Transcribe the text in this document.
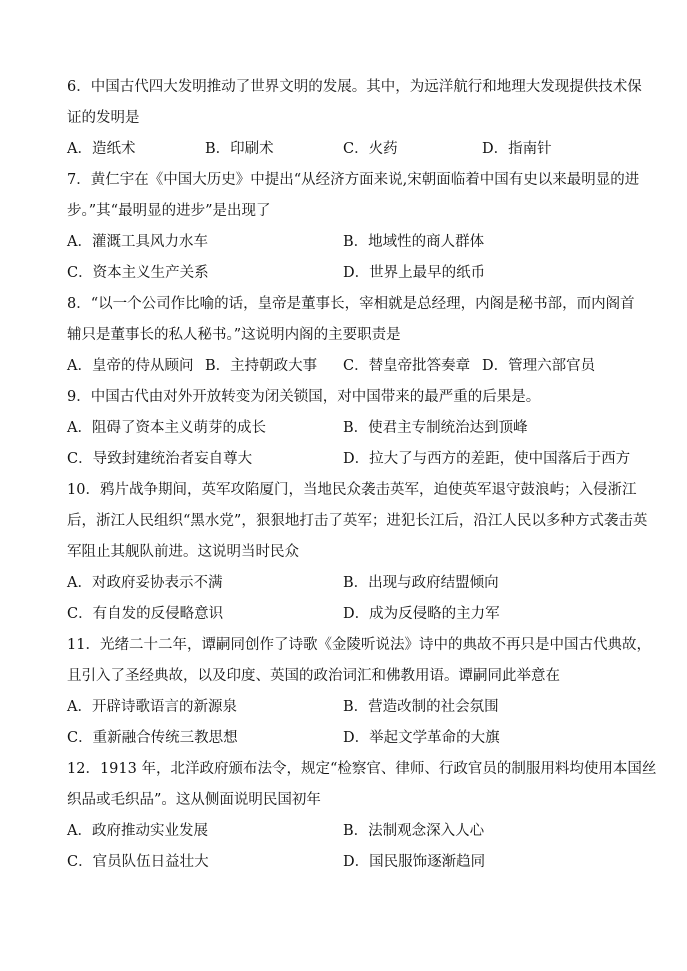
6．中国古代四大发明推动了世界文明的发展。其中，为远洋航行和地理大发现提供技术保
证的发明是
A．造纸术	B．印刷术	C．火药	D．指南针
7．黄仁宇在《中国大历史》中提出“从经济方面来说,宋朝面临着中国有史以来最明显的进
步。”其“最明显的进步”是出现了
A．灌溉工具风力水车	B．地域性的商人群体
C．资本主义生产关系	D．世界上最早的纸币
8．“以一个公司作比喻的话，皇帝是董事长，宰相就是总经理，内阁是秘书部，而内阁首
辅只是董事长的私人秘书。”这说明内阁的主要职责是
A．皇帝的侍从顾问 B．主持朝政大事 C．替皇帝批答奏章 D．管理六部官员
9．中国古代由对外开放转变为闭关锁国，对中国带来的最严重的后果是。
A．阻碍了资本主义萌芽的成长	B．使君主专制统治达到顶峰
C．导致封建统治者妄自尊大	D．拉大了与西方的差距，使中国落后于西方
10．鸦片战争期间，英军攻陷厦门，当地民众袭击英军，迫使英军退守鼓浪屿；入侵浙江
后，浙江人民组织“黑水党”，狠狠地打击了英军；进犯长江后，沿江人民以多种方式袭击英
军阻止其舰队前进。这说明当时民众
A．对政府妥协表示不满	B．出现与政府结盟倾向
C．有自发的反侵略意识	D．成为反侵略的主力军
11．光绪二十二年，谭嗣同创作了诗歌《金陵听说法》诗中的典故不再只是中国古代典故，
且引入了圣经典故，以及印度、英国的政治词汇和佛教用语。谭嗣同此举意在
A．开辟诗歌语言的新源泉	B．营造改制的社会氛围
C．重新融合传统三教思想	D．举起文学革命的大旗
12．1913 年，北洋政府颁布法令，规定“检察官、律师、行政官员的制服用料均使用本国丝
织品或毛织品”。这从侧面说明民国初年
A．政府推动实业发展	B．法制观念深入人心
C．官员队伍日益壮大	D．国民服饰逐渐趋同
